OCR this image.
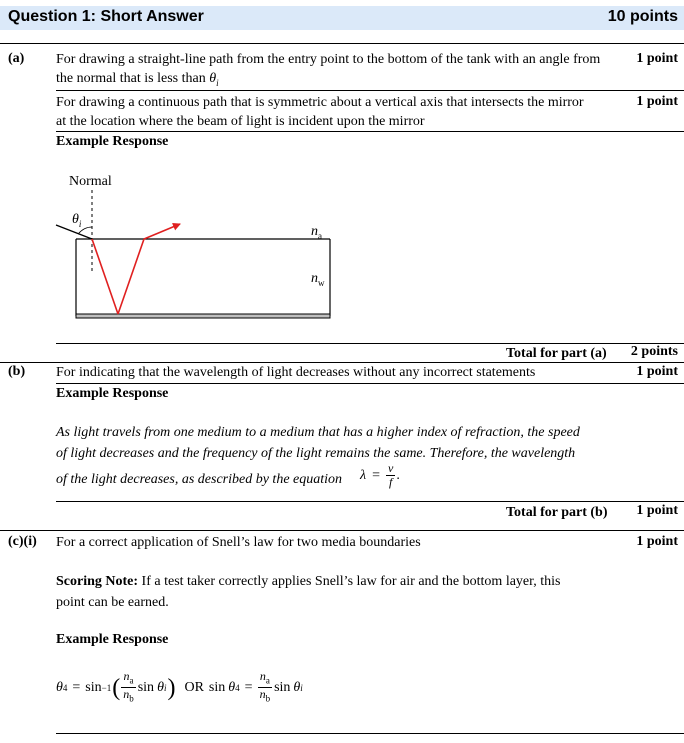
Question 1: Short Answer	10 points
(a) For drawing a straight-line path from the entry point to the bottom of the tank with an angle from the normal that is less than $\theta_i$
1 point
For drawing a continuous path that is symmetric about a vertical axis that intersects the mirror
at the location where the beam of light is incident upon the mirror
1 point
Example Response
Normal
$\theta_i$
$n_a$
$n_w$
Total for part (a) 2 points
(b) For indicating that the wavelength of light decreases without any incorrect statements	1 point
Example Response
As light travels from one medium to a medium that has a higher index of refraction, the speed
of light decreases and the frequency of the light remains the same. Therefore, the wavelength
of the light decreases, as described by the equation $\lambda = \frac{v}{f}$ .
Total for part (b) 1 point
(c)(i) For a correct application of Snell’s law for two media boundaries	1 point
Scoring Note: If a test taker correctly applies Snell’s law for air and the bottom layer, this
point can be earned.
Example Response
θ 4 = sin −1 ( $n_a$
$n_b$
sin θ i ) OR sin θ $4 = \frac{n_a}{n_b}$ sin θ i
